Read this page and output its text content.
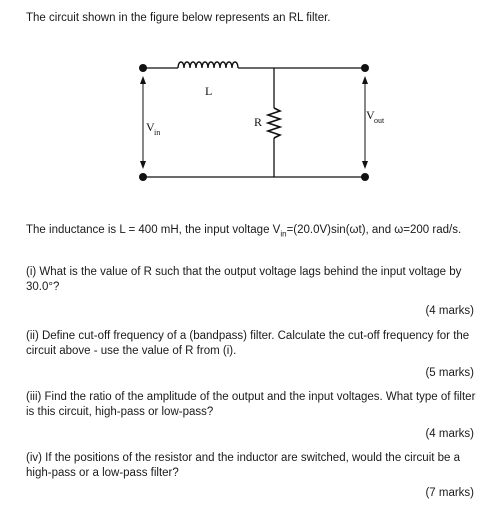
The circuit shown in the figure below represents an RL filter.
L
R
V in
V out
The inductance is L = 400 mH, the input voltage $V_{in}=(20.0V)\sin(\omega t)$, and ω=200 rad/s.
(i) What is the value of R such that the output voltage lags behind the input voltage by 30.0°?
(4 marks)
(ii) Define cut-off frequency of a (bandpass) filter. Calculate the cut-off frequency for the circuit above - use the value of R from (i).
(5 marks)
(iii) Find the ratio of the amplitude of the output and the input voltages. What type of filter is this circuit, high-pass or low-pass?
(4 marks)
(iv) If the positions of the resistor and the inductor are switched, would the circuit be a high-pass or a low-pass filter?
(7 marks)
